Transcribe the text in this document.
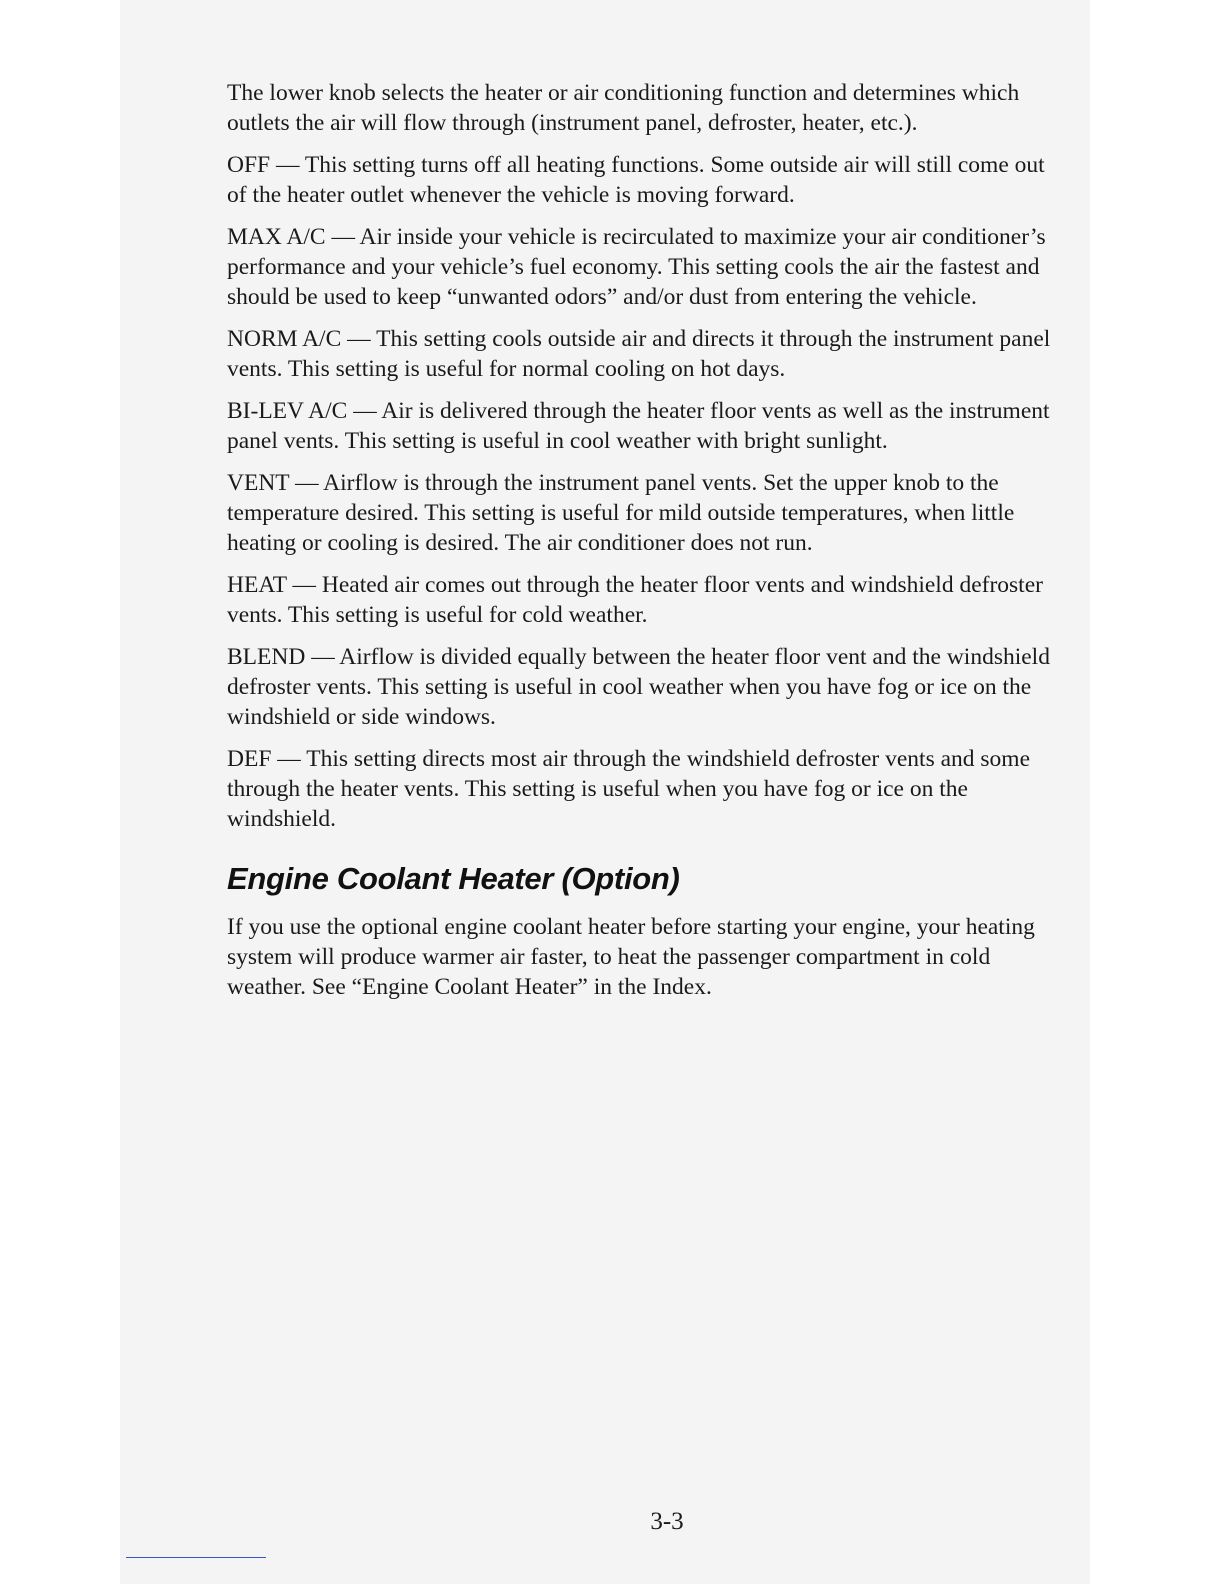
The lower knob selects the heater or air conditioning function and determines which outlets the air will flow through (instrument panel, defroster, heater, etc.).

OFF — This setting turns off all heating functions. Some outside air will still come out of the heater outlet whenever the vehicle is moving forward.

MAX A/C — Air inside your vehicle is recirculated to maximize your air conditioner’s performance and your vehicle’s fuel economy. This setting cools the air the fastest and should be used to keep “unwanted odors” and/or dust from entering the vehicle.

NORM A/C — This setting cools outside air and directs it through the instrument panel vents. This setting is useful for normal cooling on hot days.

BI-LEV A/C — Air is delivered through the heater floor vents as well as the instrument panel vents. This setting is useful in cool weather with bright sunlight.

VENT — Airflow is through the instrument panel vents. Set the upper knob to the temperature desired. This setting is useful for mild outside temperatures, when little heating or cooling is desired. The air conditioner does not run.

HEAT — Heated air comes out through the heater floor vents and windshield defroster vents. This setting is useful for cold weather.

BLEND — Airflow is divided equally between the heater floor vent and the windshield defroster vents. This setting is useful in cool weather when you have fog or ice on the windshield or side windows.

DEF — This setting directs most air through the windshield defroster vents and some through the heater vents. This setting is useful when you have fog or ice on the windshield.

Engine Coolant Heater (Option)

If you use the optional engine coolant heater before starting your engine, your heating system will produce warmer air faster, to heat the passenger compartment in cold weather. See “Engine Coolant Heater” in the Index.

3-3
